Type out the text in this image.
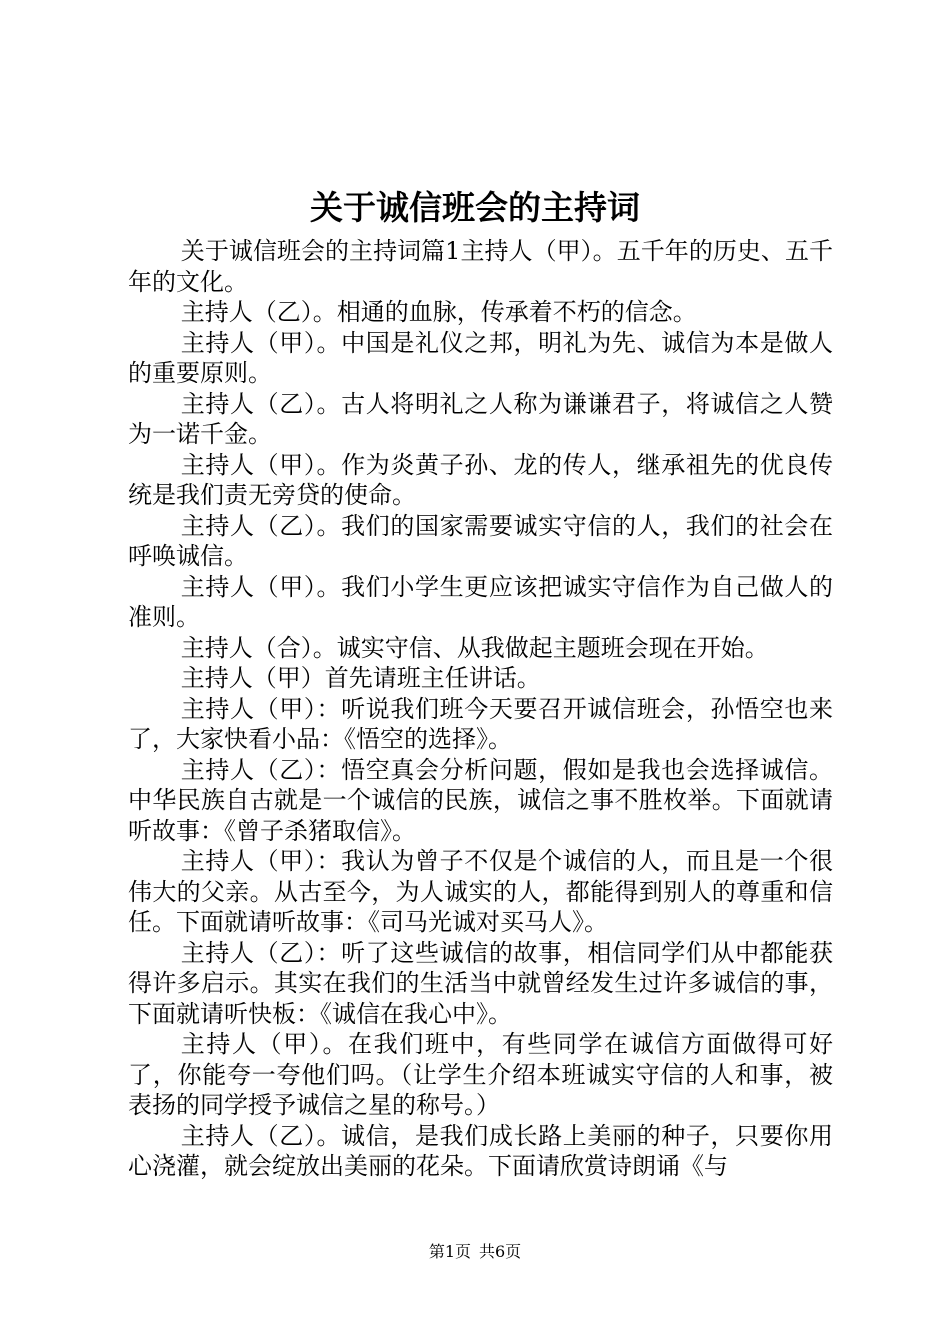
关于诚信班会的主持词

关于诚信班会的主持词篇1主持人（甲）。五千年的历史、五千年的文化。

主持人（乙）。相通的血脉，传承着不朽的信念。

主持人（甲）。中国是礼仪之邦，明礼为先、诚信为本是做人的重要原则。

主持人（乙）。古人将明礼之人称为谦谦君子，将诚信之人赞为一诺千金。

主持人（甲）。作为炎黄子孙、龙的传人，继承祖先的优良传统是我们责无旁贷的使命。

主持人（乙）。我们的国家需要诚实守信的人，我们的社会在呼唤诚信。

主持人（甲）。我们小学生更应该把诚实守信作为自己做人的准则。

主持人（合）。诚实守信、从我做起主题班会现在开始。

主持人（甲）首先请班主任讲话。

主持人（甲）：听说我们班今天要召开诚信班会，孙悟空也来了，大家快看小品：《悟空的选择》。

主持人（乙）：悟空真会分析问题，假如是我也会选择诚信。中华民族自古就是一个诚信的民族，诚信之事不胜枚举。下面就请听故事：《曾子杀猪取信》。

主持人（甲）：我认为曾子不仅是个诚信的人，而且是一个很伟大的父亲。从古至今，为人诚实的人，都能得到别人的尊重和信任。下面就请听故事：《司马光诚对买马人》。

主持人（乙）：听了这些诚信的故事，相信同学们从中都能获得许多启示。其实在我们的生活当中就曾经发生过许多诚信的事，下面就请听快板：《诚信在我心中》。

主持人（甲）。在我们班中，有些同学在诚信方面做得可好了，你能夸一夸他们吗。（让学生介绍本班诚实守信的人和事，被表扬的同学授予诚信之星的称号。）

主持人（乙）。诚信，是我们成长路上美丽的种子，只要你用心浇灌，就会绽放出美丽的花朵。下面请欣赏诗朗诵《与

第1页 共6页
